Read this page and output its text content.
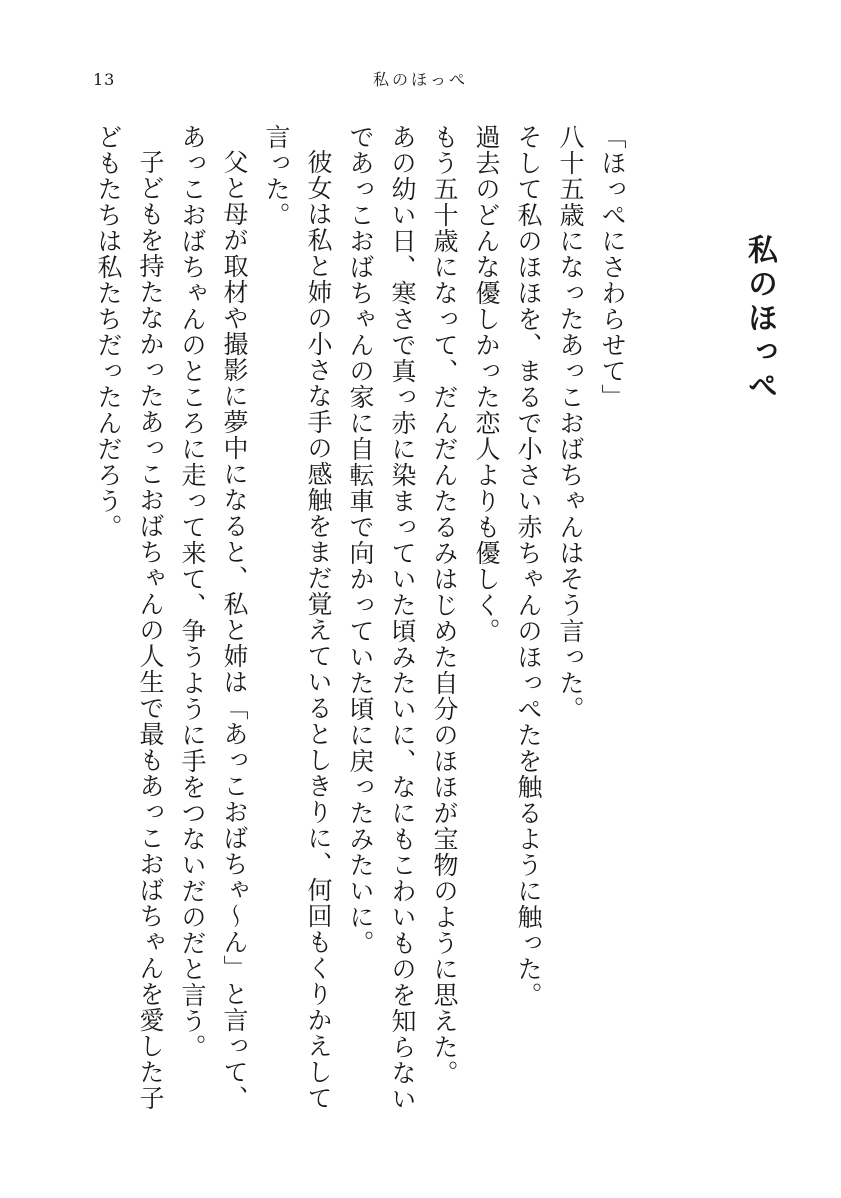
13	私のほっぺ
私のほっぺ

「ほっぺにさわらせて」

八十五歳になったあっこおばちゃんはそう言った。

そして私のほほを、まるで小さい赤ちゃんのほっぺたを触るように触った。

過去のどんな優しかった恋人よりも優しく。

もう五十歳になって、だんだんたるみはじめた自分のほほが宝物のように思えた。

あの幼い日、寒さで真っ赤に染まっていた頃みたいに、なにもこわいものを知らないであっこおばちゃんの家に自転車で向かっていた頃に戻ったみたいに。

彼女は私と姉の小さな手の感触をまだ覚えているとしきりに、何回もくりかえして言った。

父と母が取材や撮影に夢中になると、私と姉は「あっこおばちゃ〜ん」と言って、あっこおばちゃんのところに走って来て、争うように手をつないだのだと言う。

子どもを持たなかったあっこおばちゃんの人生で最もあっこおばちゃんを愛した子どもたちは私たちだったんだろう。
